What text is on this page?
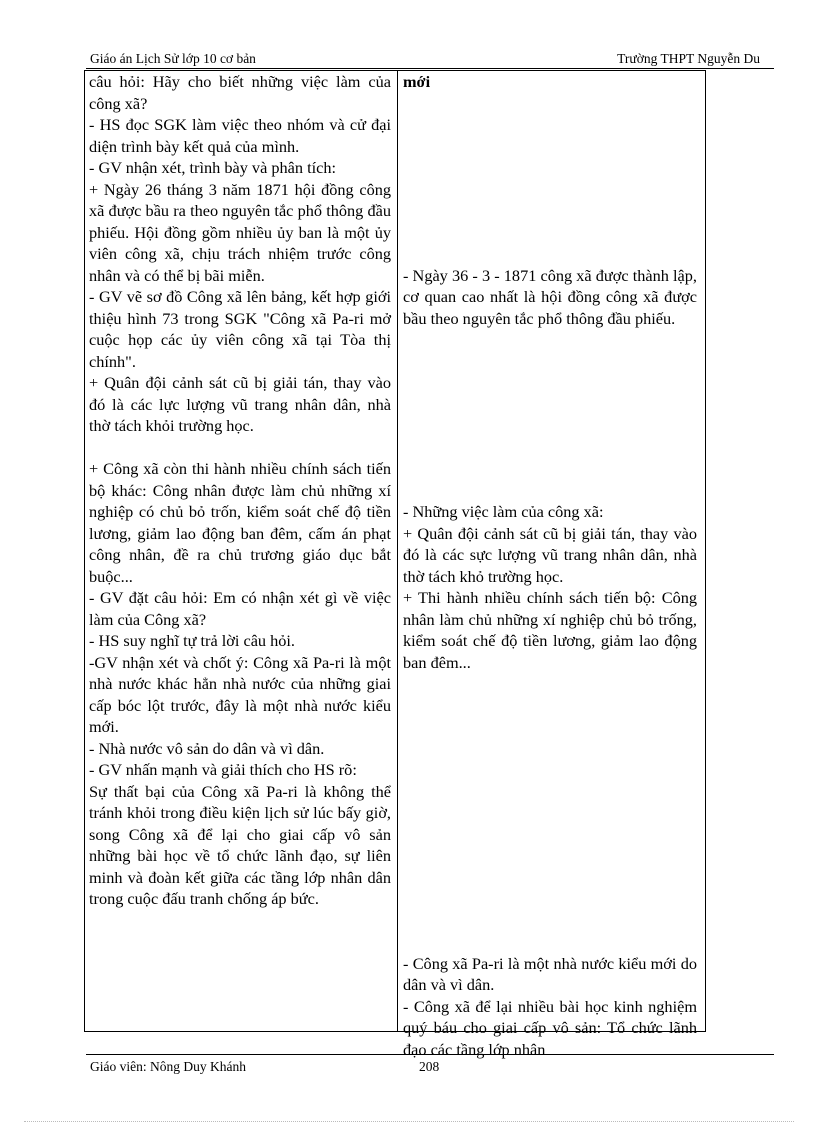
Giáo án Lịch Sử lớp 10 cơ bản	Trường THPT Nguyễn Du

câu hỏi: Hãy cho biết những việc làm của công xã?

- HS đọc SGK làm việc theo nhóm và cử đại diện trình bày kết quả của mình.

- GV nhận xét, trình bày và phân tích:

+ Ngày 26 tháng 3 năm 1871 hội đồng công xã được bầu ra theo nguyên tắc phổ thông đầu phiếu. Hội đồng gồm nhiều ủy ban là một ủy viên công xã, chịu trách nhiệm trước công nhân và có thể bị bãi miễn.

- GV vẽ sơ đồ Công xã lên bảng, kết hợp giới thiệu hình 73 trong SGK "Công xã Pa-ri mở cuộc họp các ủy viên công xã tại Tòa thị chính".

+ Quân đội cảnh sát cũ bị giải tán, thay vào đó là các lực lượng vũ trang nhân dân, nhà thờ tách khỏi trường học.

+ Công xã còn thi hành nhiều chính sách tiến bộ khác: Công nhân được làm chủ những xí nghiệp có chủ bỏ trốn, kiểm soát chế độ tiền lương, giảm lao động ban đêm, cấm án phạt công nhân, đề ra chủ trương giáo dục bắt buộc...

- GV đặt câu hỏi: Em có nhận xét gì về việc làm của Công xã?

- HS suy nghĩ tự trả lời câu hỏi.

-GV nhận xét và chốt ý: Công xã Pa-ri là một nhà nước khác hẳn nhà nước của những giai cấp bóc lột trước, đây là một nhà nước kiểu mới.

- Nhà nước vô sản do dân và vì dân.

- GV nhấn mạnh và giải thích cho HS rõ:

Sự thất bại của Công xã Pa-ri là không thể tránh khỏi trong điều kiện lịch sử lúc bấy giờ, song Công xã để lại cho giai cấp vô sản những bài học về tổ chức lãnh đạo, sự liên minh và đoàn kết giữa các tầng lớp nhân dân trong cuộc đấu tranh chống áp bức.

mới

- Ngày 36 - 3 - 1871 công xã được thành lập, cơ quan cao nhất là hội đồng công xã được bầu theo nguyên tắc phổ thông đầu phiếu.

- Những việc làm của công xã:

+ Quân đội cảnh sát cũ bị giải tán, thay vào đó là các sực lượng vũ trang nhân dân, nhà thờ tách khỏ trường học.

+ Thi hành nhiều chính sách tiến bộ: Công nhân làm chủ những xí nghiệp chủ bỏ trống, kiểm soát chế độ tiền lương, giảm lao động ban đêm...

- Công xã Pa-ri là một nhà nước kiểu mới do dân và vì dân.

- Công xã để lại nhiều bài học kinh nghiệm quý báu cho giai cấp vô sản: Tổ chức lãnh đạo các tầng lớp nhân

Giáo viên: Nông Duy Khánh	208
